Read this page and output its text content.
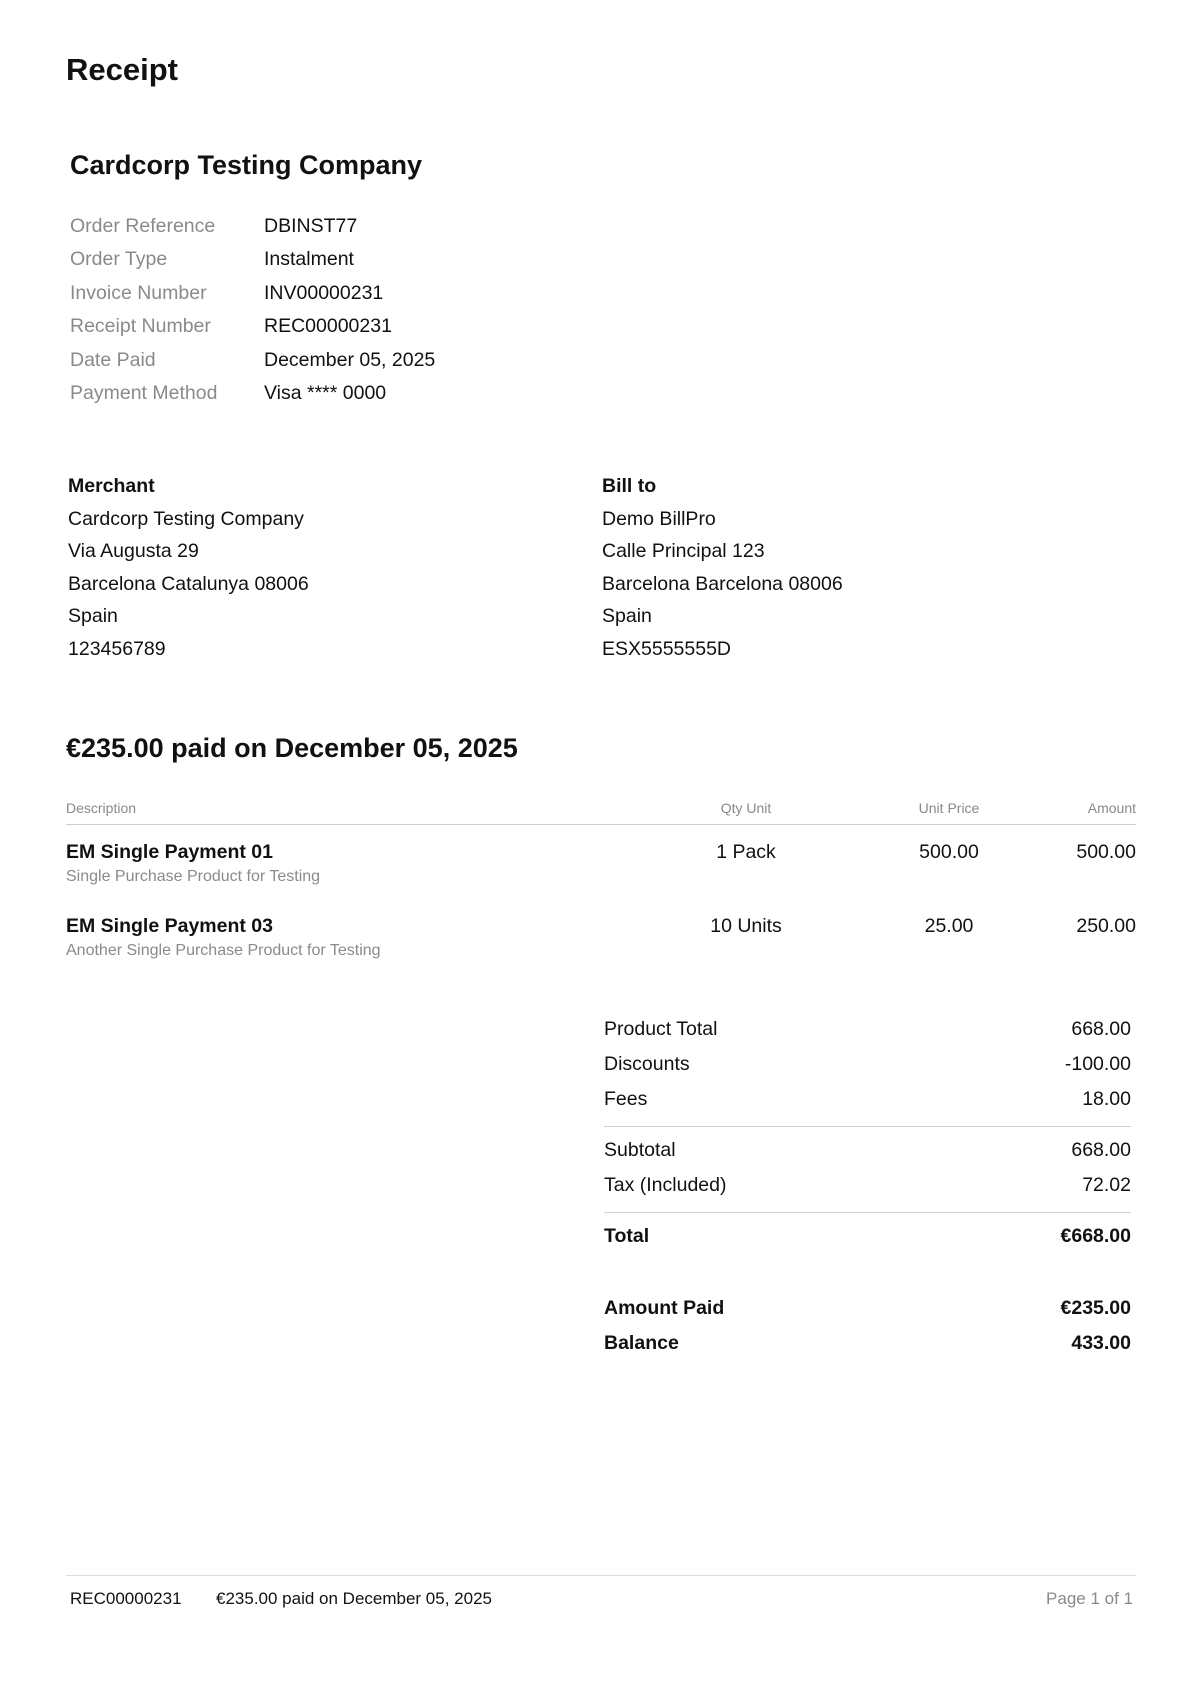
Receipt
Cardcorp Testing Company
Order Reference	DBINST77
Order Type	Instalment
Invoice Number	INV00000231
Receipt Number	REC00000231
Date Paid	December 05, 2025
Payment Method	Visa **** 0000
Merchant
Cardcorp Testing Company
Via Augusta 29
Barcelona Catalunya 08006
Spain
123456789
Bill to
Demo BillPro
Calle Principal 123
Barcelona Barcelona 08006
Spain
ESX5555555D
€235.00 paid on December 05, 2025
Description	Qty Unit	Unit Price	Amount
EM Single Payment 01
Single Purchase Product for Testing
1 Pack	500.00	500.00
EM Single Payment 03
Another Single Purchase Product for Testing
10 Units	25.00	250.00
Product Total	668.00
Discounts	-100.00
Fees	18.00
Subtotal	668.00
Tax (Included)	72.02
Total	€668.00
Amount Paid	€235.00
Balance	433.00
REC00000231 €235.00 paid on December 05, 2025	Page 1 of 1
